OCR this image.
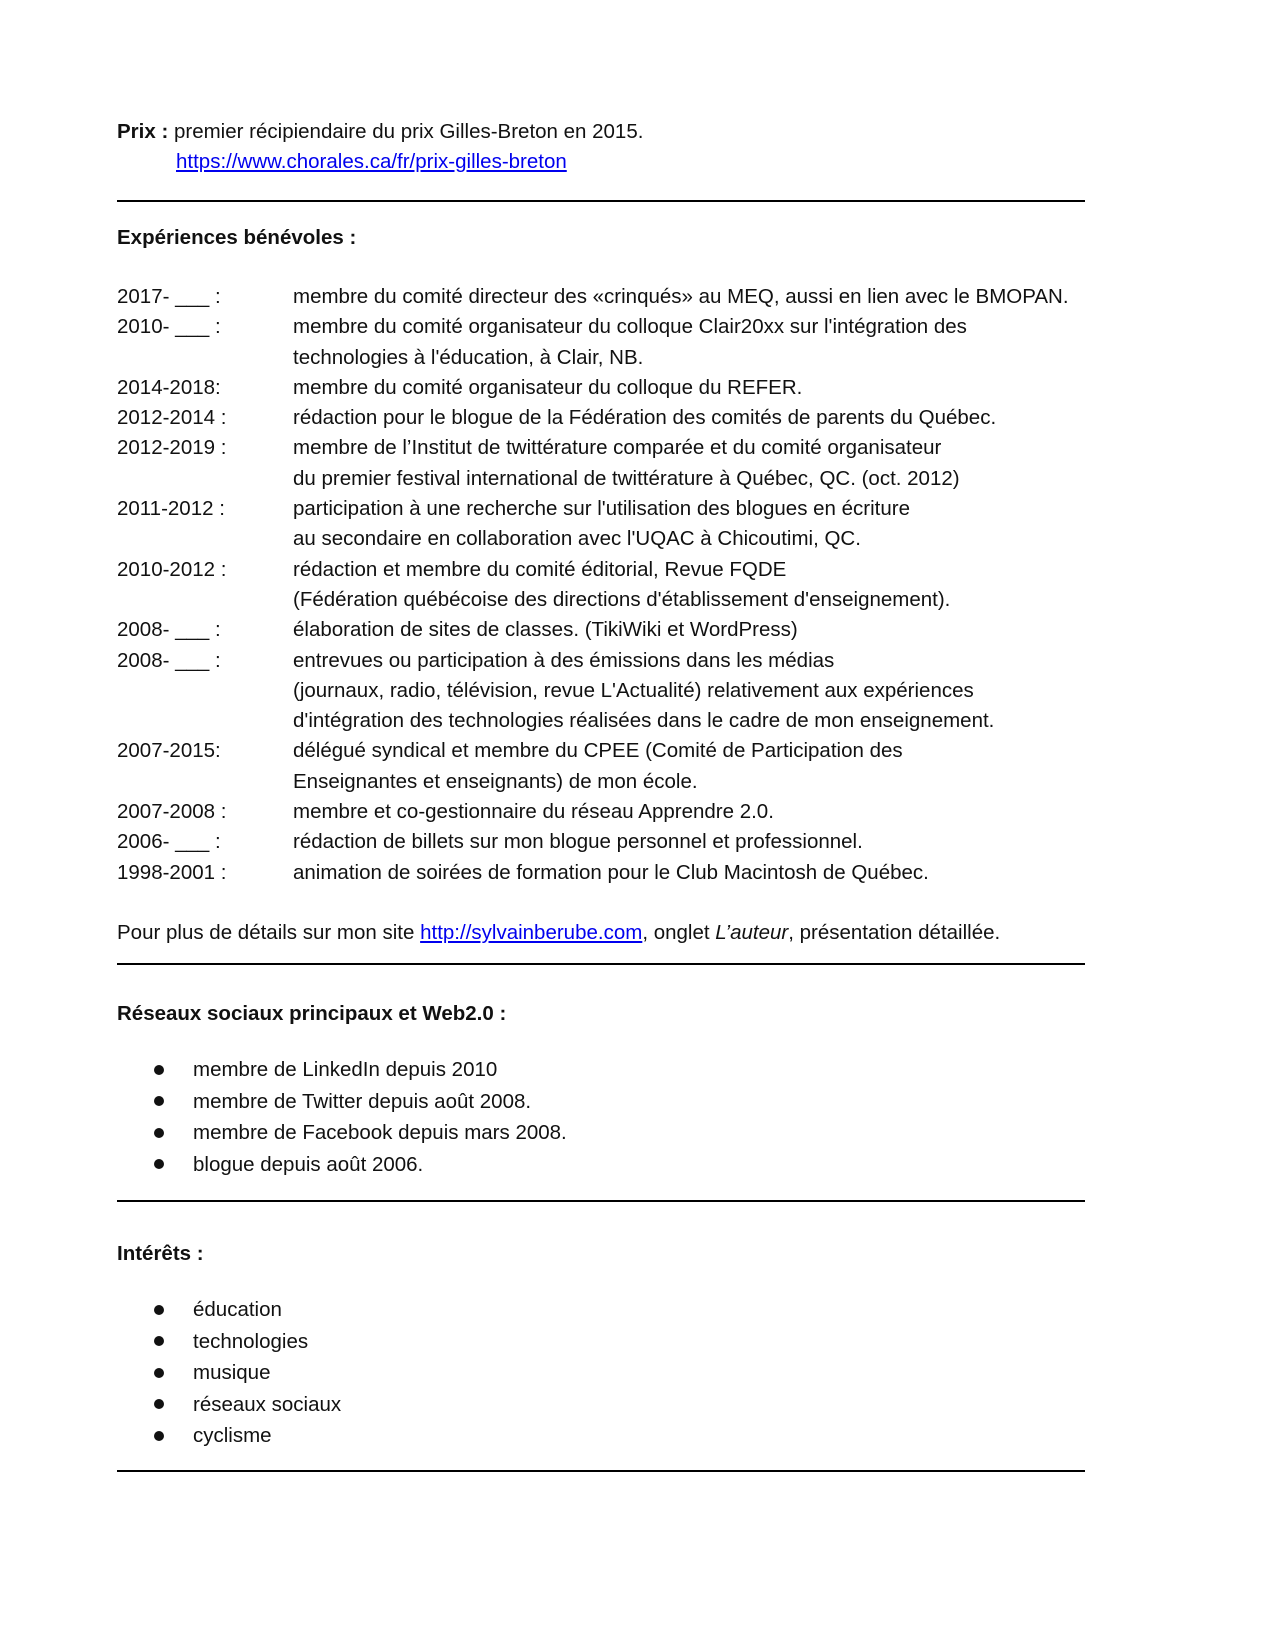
Prix : premier récipiendaire du prix Gilles-Breton en 2015.
https://www.chorales.ca/fr/prix-gilles-breton
Expériences bénévoles :
2017- ___ :	membre du comité directeur des «crinqués» au MEQ, aussi en lien avec le BMOPAN.
2010- ___ :	membre du comité organisateur du colloque Clair20xx sur l'intégration des
technologies à l'éducation, à Clair, NB.
2014-2018:	membre du comité organisateur du colloque du REFER.
2012-2014 :	rédaction pour le blogue de la Fédération des comités de parents du Québec.
2012-2019 :	membre de l’Institut de twittérature comparée et du comité organisateur
du premier festival international de twittérature à Québec, QC. (oct. 2012)
2011-2012 :	participation à une recherche sur l'utilisation des blogues en écriture
au secondaire en collaboration avec l'UQAC à Chicoutimi, QC.
2010-2012 :	rédaction et membre du comité éditorial, Revue FQDE
(Fédération québécoise des directions d'établissement d'enseignement).
2008- ___ :	élaboration de sites de classes. (TikiWiki et WordPress)
2008- ___ :	entrevues ou participation à des émissions dans les médias
(journaux, radio, télévision, revue L'Actualité) relativement aux expériences
d'intégration des technologies réalisées dans le cadre de mon enseignement.
2007-2015:	délégué syndical et membre du CPEE (Comité de Participation des
Enseignantes et enseignants) de mon école.
2007-2008 :	membre et co-gestionnaire du réseau Apprendre 2.0.
2006- ___ :	rédaction de billets sur mon blogue personnel et professionnel.
1998-2001 :	animation de soirées de formation pour le Club Macintosh de Québec.
Pour plus de détails sur mon site http://sylvainberube.com, onglet L’auteur, présentation détaillée.
Réseaux sociaux principaux et Web2.0 :
membre de LinkedIn depuis 2010
membre de Twitter depuis août 2008.
membre de Facebook depuis mars 2008.
blogue depuis août 2006.
Intérêts :
éducation
technologies
musique
réseaux sociaux
cyclisme
